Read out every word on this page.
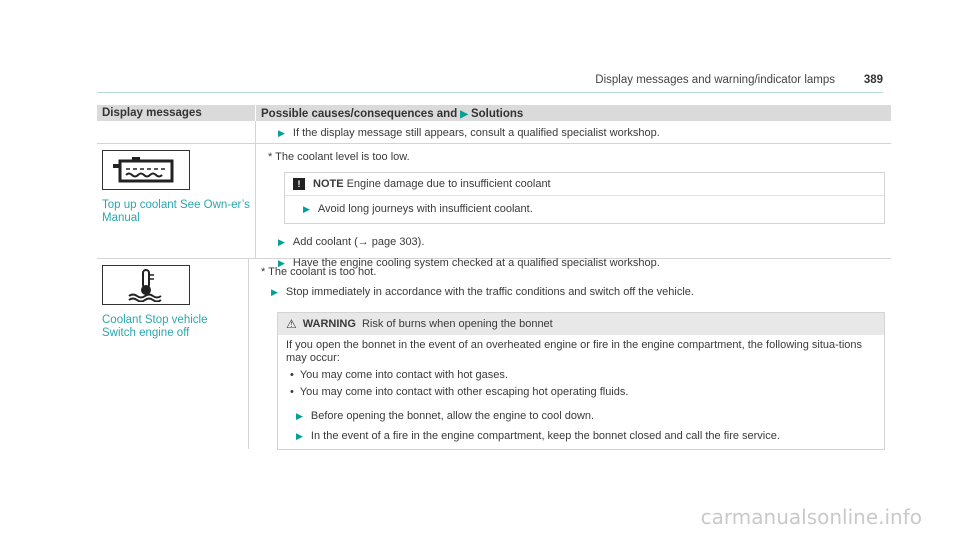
Display messages and warning/indicator lamps	389
Display messages	Possible causes/consequences and ▶ Solutions
▶ If the display message still appears, consult a qualified specialist workshop.
Top up coolant See Own-er’s Manual
* The coolant level is too low.
!	NOTE Engine damage due to insufficient coolant
▶ Avoid long journeys with insufficient coolant.
▶ Add coolant (→ page 303).
▶ Have the engine cooling system checked at a qualified specialist workshop.
Coolant Stop vehicle
Switch engine off
* The coolant is too hot.
▶ Stop immediately in accordance with the traffic conditions and switch off the vehicle.
⚠ WARNING Risk of burns when opening the bonnet
If you open the bonnet in the event of an overheated engine or fire in the engine compartment, the following situa-tions may occur:
• You may come into contact with hot gases.
• You may come into contact with other escaping hot operating fluids.
▶ Before opening the bonnet, allow the engine to cool down.
▶ In the event of a fire in the engine compartment, keep the bonnet closed and call the fire service.
carmanualsonline.info
